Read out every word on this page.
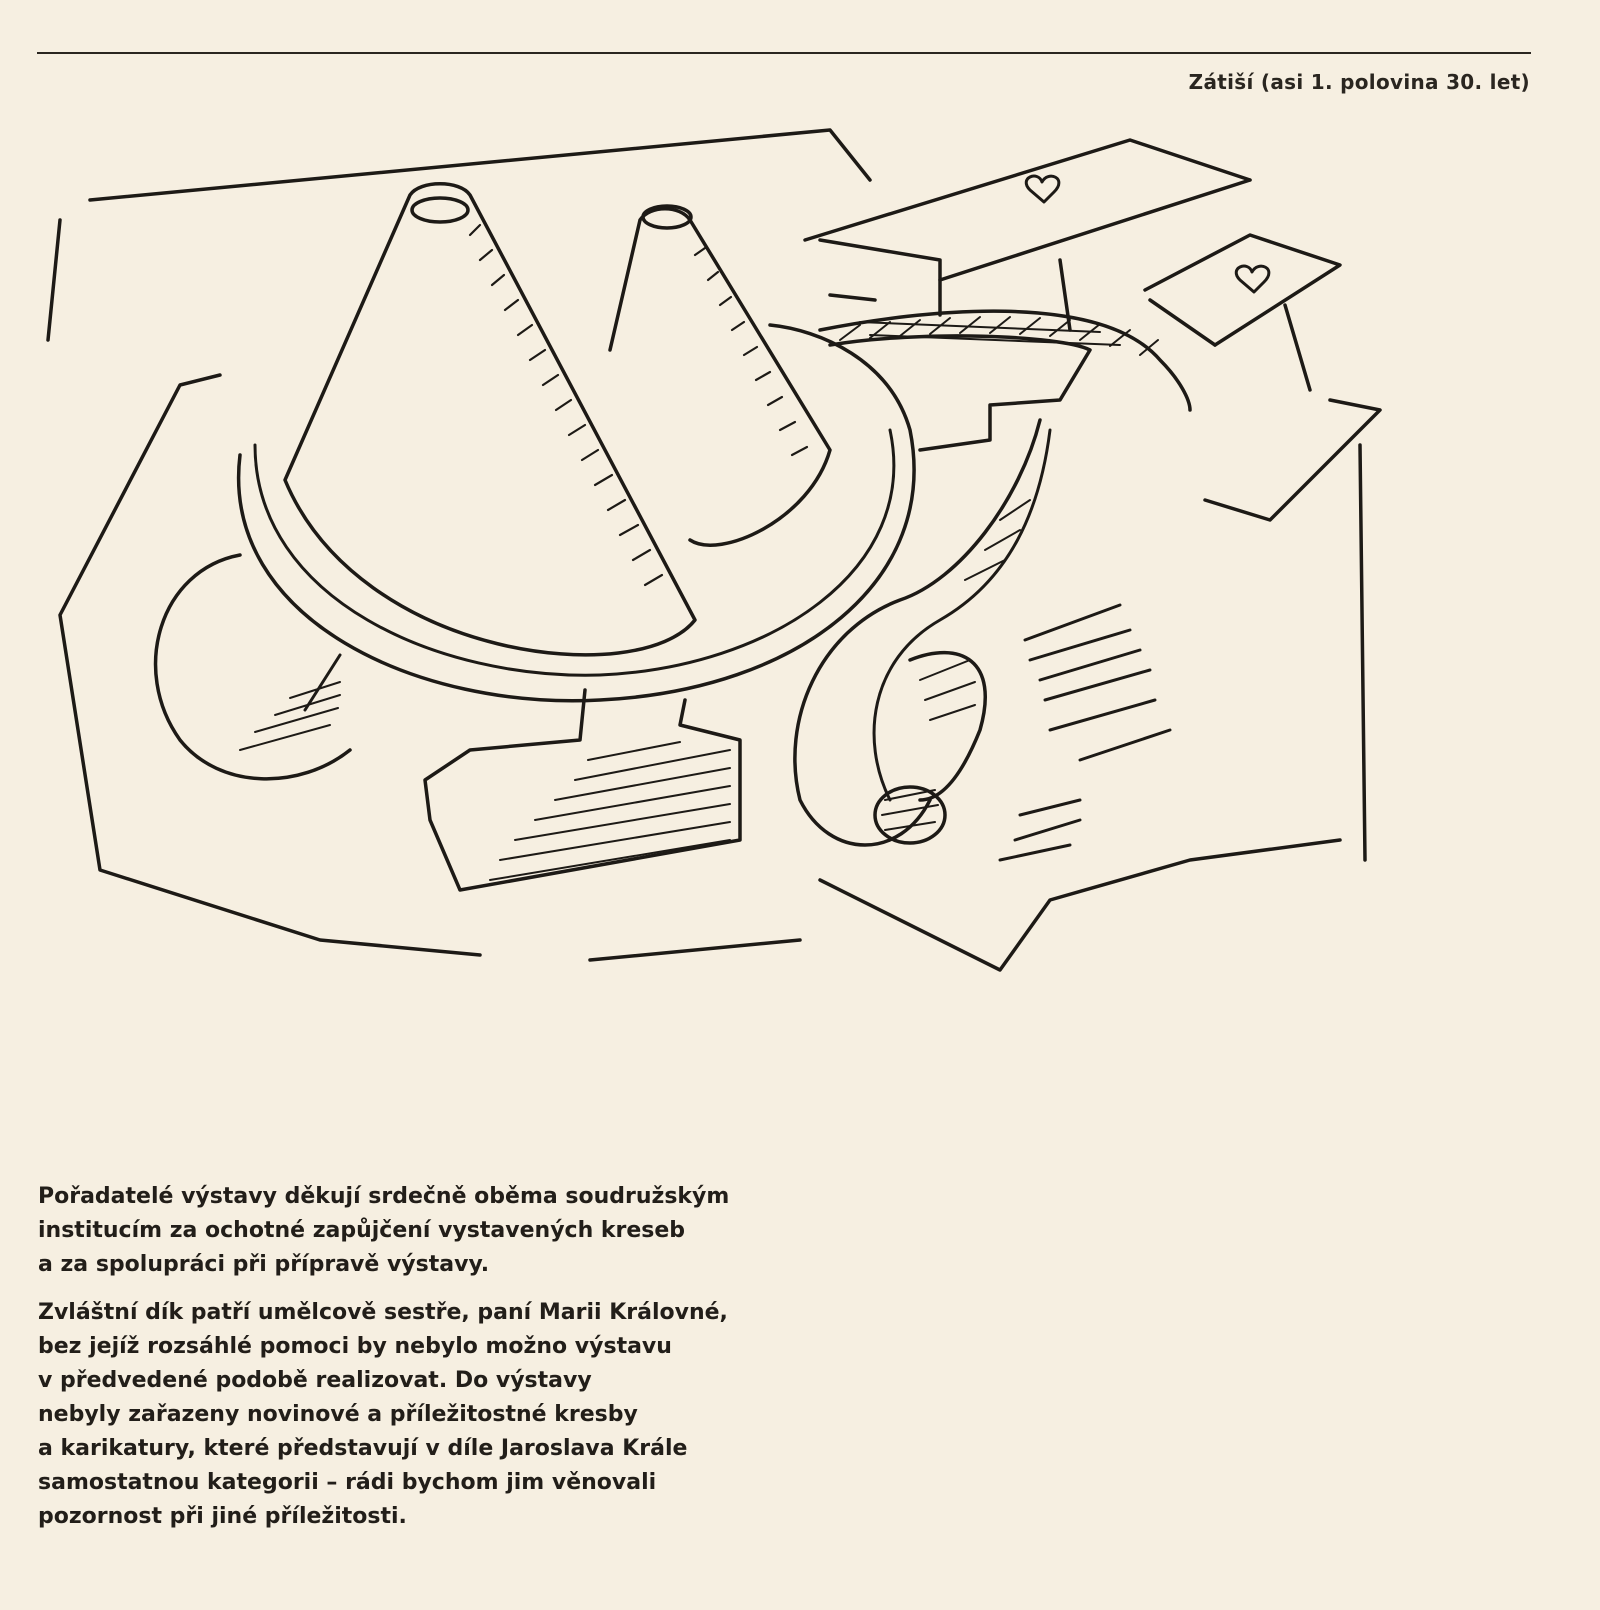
Zátiší (asi 1. polovina 30. let)

Pořadatelé výstavy děkují srdečně oběma soudružským
institucím za ochotné zapůjčení vystavených kreseb
a za spolupráci při přípravě výstavy.

Zvláštní dík patří umělcově sestře, paní Marii Královné,
bez jejíž rozsáhlé pomoci by nebylo možno výstavu
v předvedené podobě realizovat. Do výstavy
nebyly zařazeny novinové a příležitostné kresby
a karikatury, které představují v díle Jaroslava Krále
samostatnou kategorii – rádi bychom jim věnovali
pozornost při jiné příležitosti.
